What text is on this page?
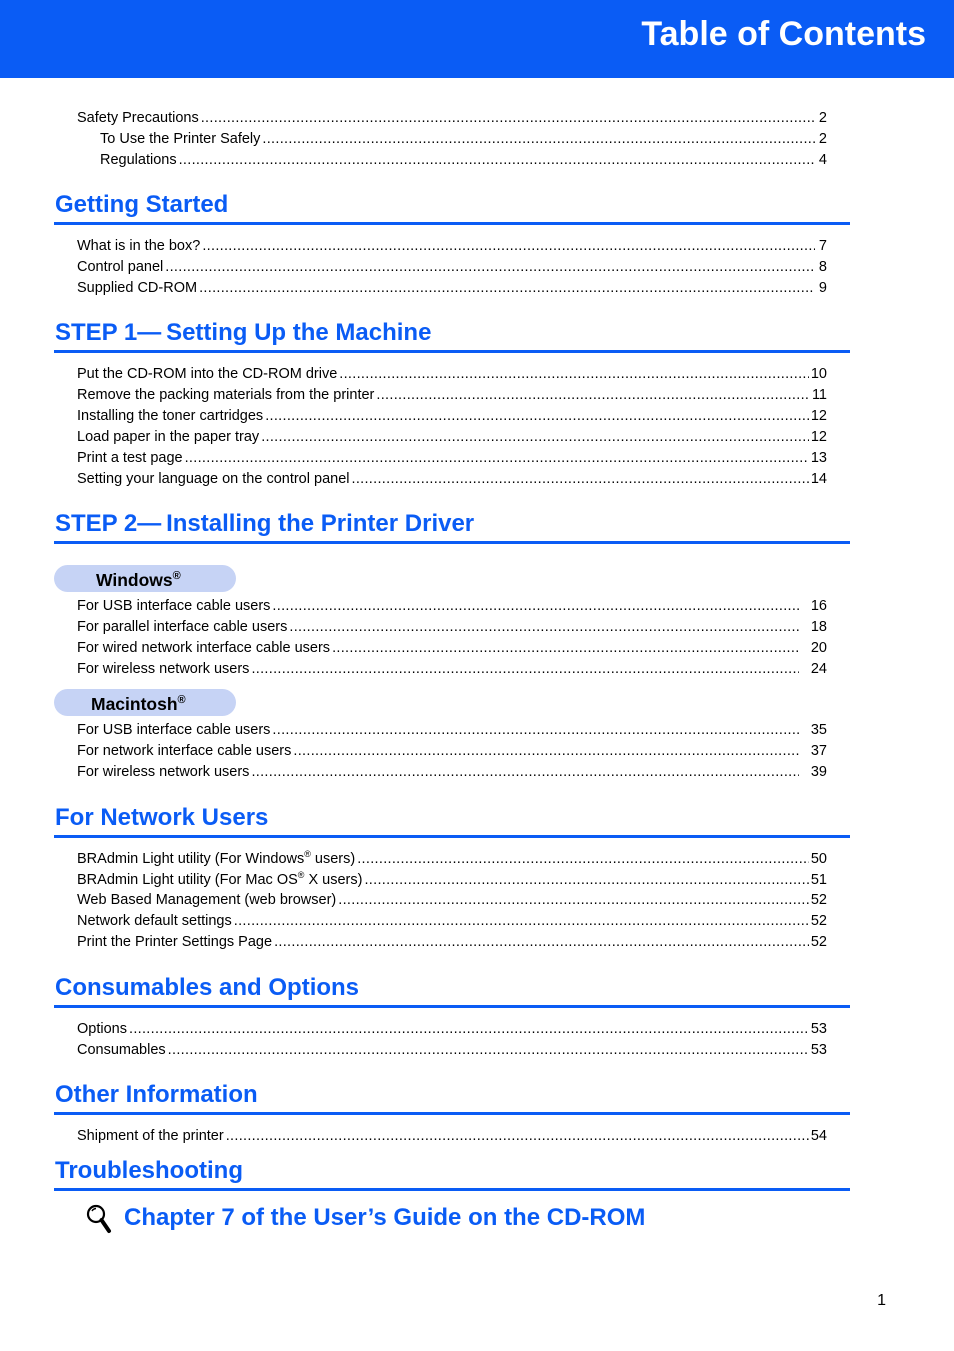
Table of Contents
Safety Precautions .....	2
To Use the Printer Safely .....	2
Regulations .....	4
Getting Started
What is in the box? .....	7
Control panel .....	8
Supplied CD-ROM .....	9
STEP 1— Setting Up the Machine
Put the CD-ROM into the CD-ROM drive .....	10
Remove the packing materials from the printer .....	11
Installing the toner cartridges .....	12
Load paper in the paper tray .....	12
Print a test page .....	13
Setting your language on the control panel .....	14
STEP 2— Installing the Printer Driver
Windows®
For USB interface cable users .....	16
For parallel interface cable users .....	18
For wired network interface cable users .....	20
For wireless network users .....	24
Macintosh®
For USB interface cable users .....	35
For network interface cable users .....	37
For wireless network users .....	39
For Network Users
BRAdmin Light utility (For Windows® users) .....	50
BRAdmin Light utility (For Mac OS® X users) .....	51
Web Based Management (web browser) .....	52
Network default settings .....	52
Print the Printer Settings Page .....	52
Consumables and Options
Options .....	53
Consumables .....	53
Other Information
Shipment of the printer .....	54
Troubleshooting
Chapter 7 of the User’s Guide on the CD-ROM
1
